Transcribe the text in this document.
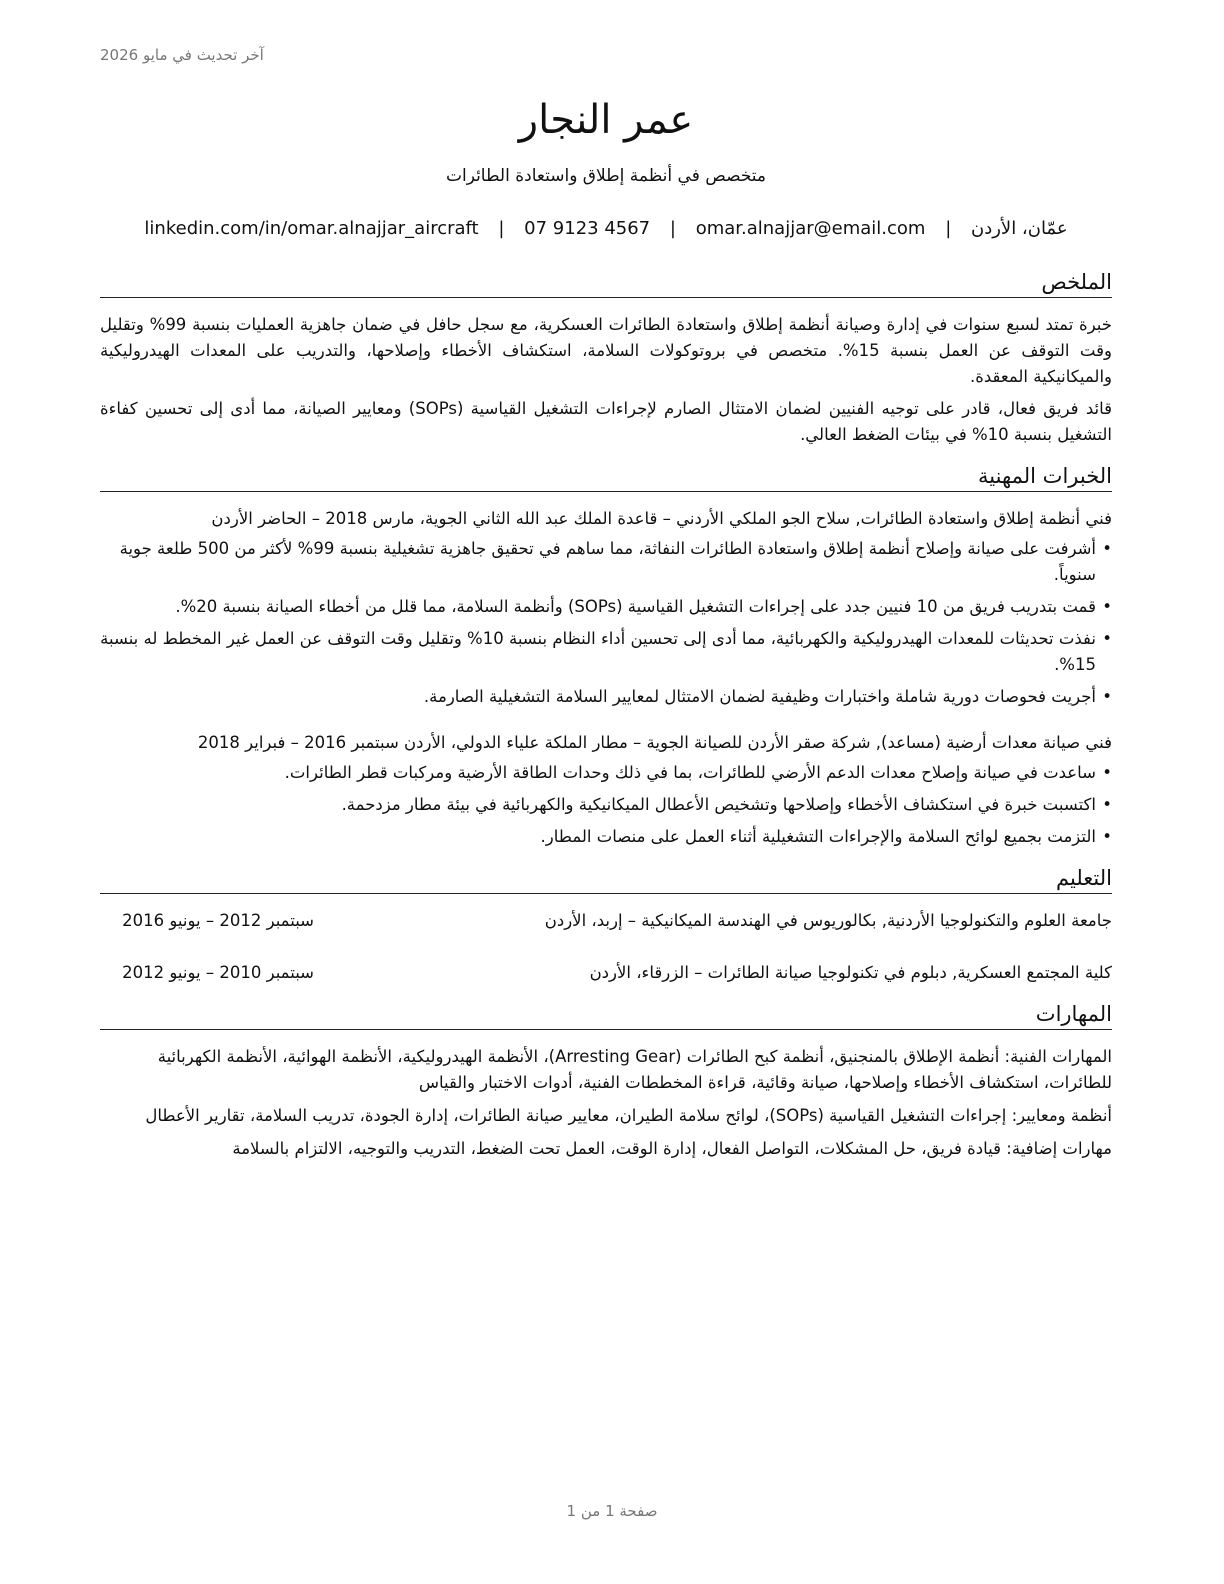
آخر تحديث في مايو 2026
عمر النجار
متخصص في أنظمة إطلاق واستعادة الطائرات
عمّان، الأردن | omar.alnajjar@email.com | 07 9123 4567 | linkedin.com/in/omar.alnajjar_aircraft
الملخص

خبرة تمتد لسبع سنوات في إدارة وصيانة أنظمة إطلاق واستعادة الطائرات العسكرية، مع سجل حافل في ضمان جاهزية العمليات بنسبة 99% وتقليل وقت التوقف عن العمل بنسبة 15%. متخصص في بروتوكولات السلامة، استكشاف الأخطاء وإصلاحها، والتدريب على المعدات الهيدروليكية والميكانيكية المعقدة.

قائد فريق فعال، قادر على توجيه الفنيين لضمان الامتثال الصارم لإجراءات التشغيل القياسية (SOPs) ومعايير الصيانة، مما أدى إلى تحسين كفاءة التشغيل بنسبة 10% في بيئات الضغط العالي.

الخبرات المهنية
فني أنظمة إطلاق واستعادة الطائرات, سلاح الجو الملكي الأردني – قاعدة الملك عبد الله الثاني الجوية، مارس 2018 – الحاضر الأردن
• أشرفت على صيانة وإصلاح أنظمة إطلاق واستعادة الطائرات النفاثة، مما ساهم في تحقيق جاهزية تشغيلية بنسبة 99% لأكثر من 500 طلعة جوية سنوياً.
• قمت بتدريب فريق من 10 فنيين جدد على إجراءات التشغيل القياسية (SOPs) وأنظمة السلامة، مما قلل من أخطاء الصيانة بنسبة 20%.
• نفذت تحديثات للمعدات الهيدروليكية والكهربائية، مما أدى إلى تحسين أداء النظام بنسبة 10% وتقليل وقت التوقف عن العمل غير المخطط له بنسبة 15%.
• أجريت فحوصات دورية شاملة واختبارات وظيفية لضمان الامتثال لمعايير السلامة التشغيلية الصارمة.
فني صيانة معدات أرضية (مساعد), شركة صقر الأردن للصيانة الجوية – مطار الملكة علياء الدولي، الأردن سبتمبر 2016 – فبراير 2018
• ساعدت في صيانة وإصلاح معدات الدعم الأرضي للطائرات، بما في ذلك وحدات الطاقة الأرضية ومركبات قطر الطائرات.
• اكتسبت خبرة في استكشاف الأخطاء وإصلاحها وتشخيص الأعطال الميكانيكية والكهربائية في بيئة مطار مزدحمة.
• التزمت بجميع لوائح السلامة والإجراءات التشغيلية أثناء العمل على منصات المطار.
التعليم
جامعة العلوم والتكنولوجيا الأردنية, بكالوريوس في الهندسة الميكانيكية – إربد، الأردن
سبتمبر 2012 – يونيو 2016
كلية المجتمع العسكرية, دبلوم في تكنولوجيا صيانة الطائرات – الزرقاء، الأردن
سبتمبر 2010 – يونيو 2012
المهارات
المهارات الفنية: أنظمة الإطلاق بالمنجنيق، أنظمة كبح الطائرات (Arresting Gear)، الأنظمة الهيدروليكية، الأنظمة الهوائية، الأنظمة الكهربائية للطائرات، استكشاف الأخطاء وإصلاحها، صيانة وقائية، قراءة المخططات الفنية، أدوات الاختبار والقياس
أنظمة ومعايير: إجراءات التشغيل القياسية (SOPs)، لوائح سلامة الطيران، معايير صيانة الطائرات، إدارة الجودة، تدريب السلامة، تقارير الأعطال
مهارات إضافية: قيادة فريق، حل المشكلات، التواصل الفعال، إدارة الوقت، العمل تحت الضغط، التدريب والتوجيه، الالتزام بالسلامة
صفحة 1 من 1
